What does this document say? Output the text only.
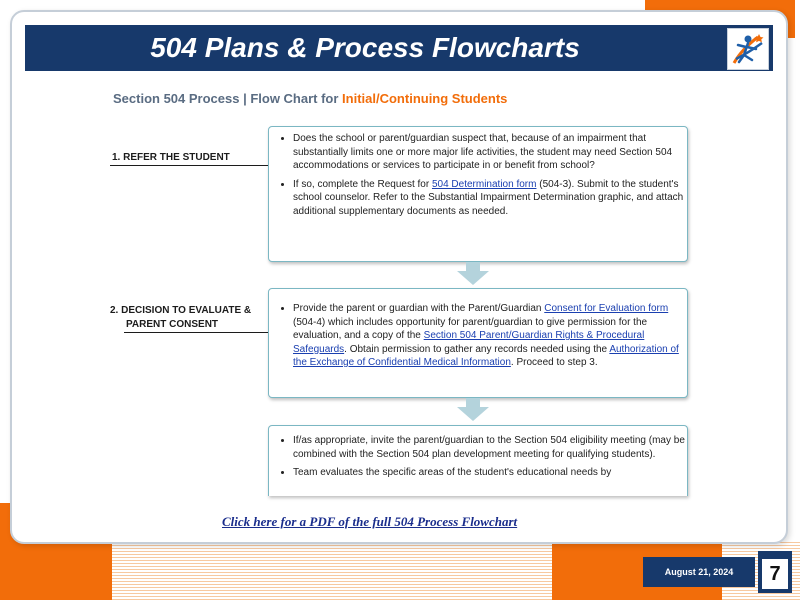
504 Plans & Process Flowcharts
Section 504 Process | Flow Chart for Initial/Continuing Students
1. REFER THE STUDENT
• Does the school or parent/guardian suspect that, because of an impairment that substantially limits one or more major life activities, the student may need Section 504 accommodations or services to participate in or benefit from school?
• If so, complete the Request for 504 Determination form (504-3). Submit to the student's school counselor. Refer to the Substantial Impairment Determination graphic, and attach additional supplementary documents as needed.
2. DECISION TO EVALUATE &
PARENT CONSENT
• Provide the parent or guardian with the Parent/Guardian Consent for Evaluation form (504-4) which includes opportunity for parent/guardian to give permission for the evaluation, and a copy of the Section 504 Parent/Guardian Rights & Procedural Safeguards. Obtain permission to gather any records needed using the Authorization of the Exchange of Confidential Medical Information. Proceed to step 3.
• If/as appropriate, invite the parent/guardian to the Section 504 eligibility meeting (may be combined with the Section 504 plan development meeting for qualifying students).
• Team evaluates the specific areas of the student's educational needs by
Click here for a PDF of the full 504 Process Flowchart
August 21, 2024	7
